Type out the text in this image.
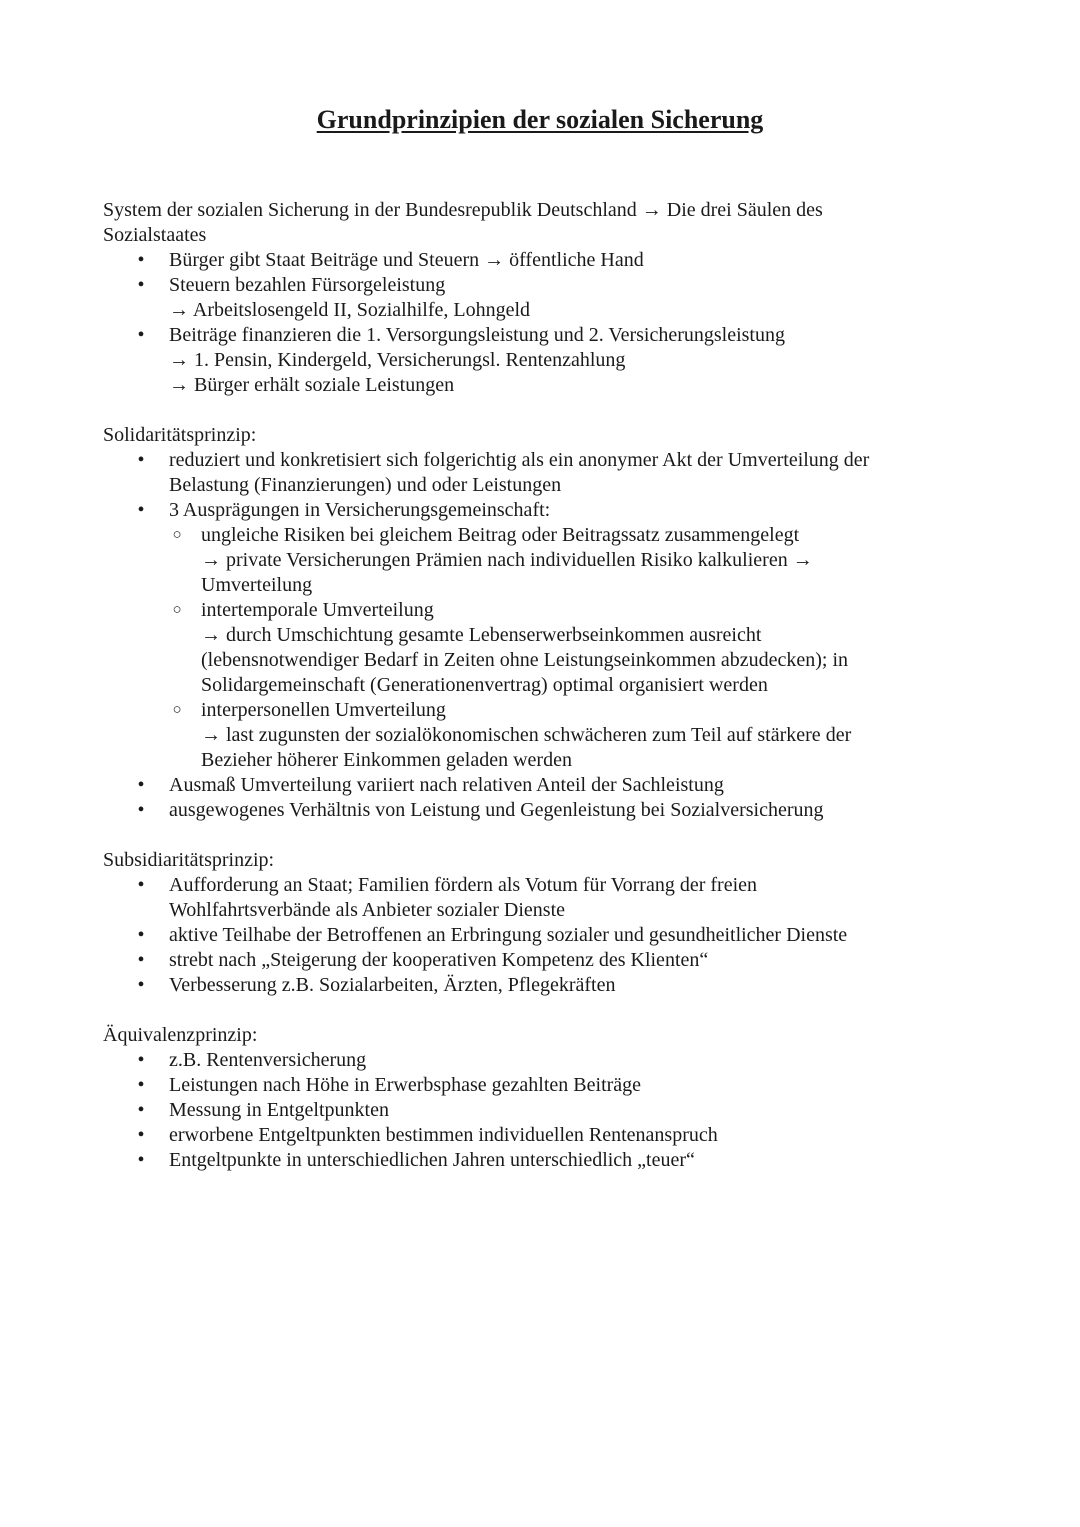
Grundprinzipien der sozialen Sicherung

System der sozialen Sicherung in der Bundesrepublik Deutschland → Die drei Säulen des
Sozialstaates

• Bürger gibt Staat Beiträge und Steuern → öffentliche Hand
• Steuern bezahlen Fürsorgeleistung
→ Arbeitslosengeld II, Sozialhilfe, Lohngeld
• Beiträge finanzieren die 1. Versorgungsleistung und 2. Versicherungsleistung
→ 1. Pensin, Kindergeld, Versicherungsl. Rentenzahlung
→ Bürger erhält soziale Leistungen

Solidaritätsprinzip:

• reduziert und konkretisiert sich folgerichtig als ein anonymer Akt der Umverteilung der
Belastung (Finanzierungen) und oder Leistungen
• 3 Ausprägungen in Versicherungsgemeinschaft:
○ ungleiche Risiken bei gleichem Beitrag oder Beitragssatz zusammengelegt
→ private Versicherungen Prämien nach individuellen Risiko kalkulieren →
Umverteilung
○ intertemporale Umverteilung
→ durch Umschichtung gesamte Lebenserwerbseinkommen ausreicht
(lebensnotwendiger Bedarf in Zeiten ohne Leistungseinkommen abzudecken); in
Solidargemeinschaft (Generationenvertrag) optimal organisiert werden
○ interpersonellen Umverteilung
→ last zugunsten der sozialökonomischen schwächeren zum Teil auf stärkere der
Bezieher höherer Einkommen geladen werden
• Ausmaß Umverteilung variiert nach relativen Anteil der Sachleistung
• ausgewogenes Verhältnis von Leistung und Gegenleistung bei Sozialversicherung

Subsidiaritätsprinzip:

• Aufforderung an Staat; Familien fördern als Votum für Vorrang der freien
Wohlfahrtsverbände als Anbieter sozialer Dienste
• aktive Teilhabe der Betroffenen an Erbringung sozialer und gesundheitlicher Dienste
• strebt nach „Steigerung der kooperativen Kompetenz des Klienten“
• Verbesserung z.B. Sozialarbeiten, Ärzten, Pflegekräften

Äquivalenzprinzip:

• z.B. Rentenversicherung
• Leistungen nach Höhe in Erwerbsphase gezahlten Beiträge
• Messung in Entgeltpunkten
• erworbene Entgeltpunkten bestimmen individuellen Rentenanspruch
• Entgeltpunkte in unterschiedlichen Jahren unterschiedlich „teuer“
